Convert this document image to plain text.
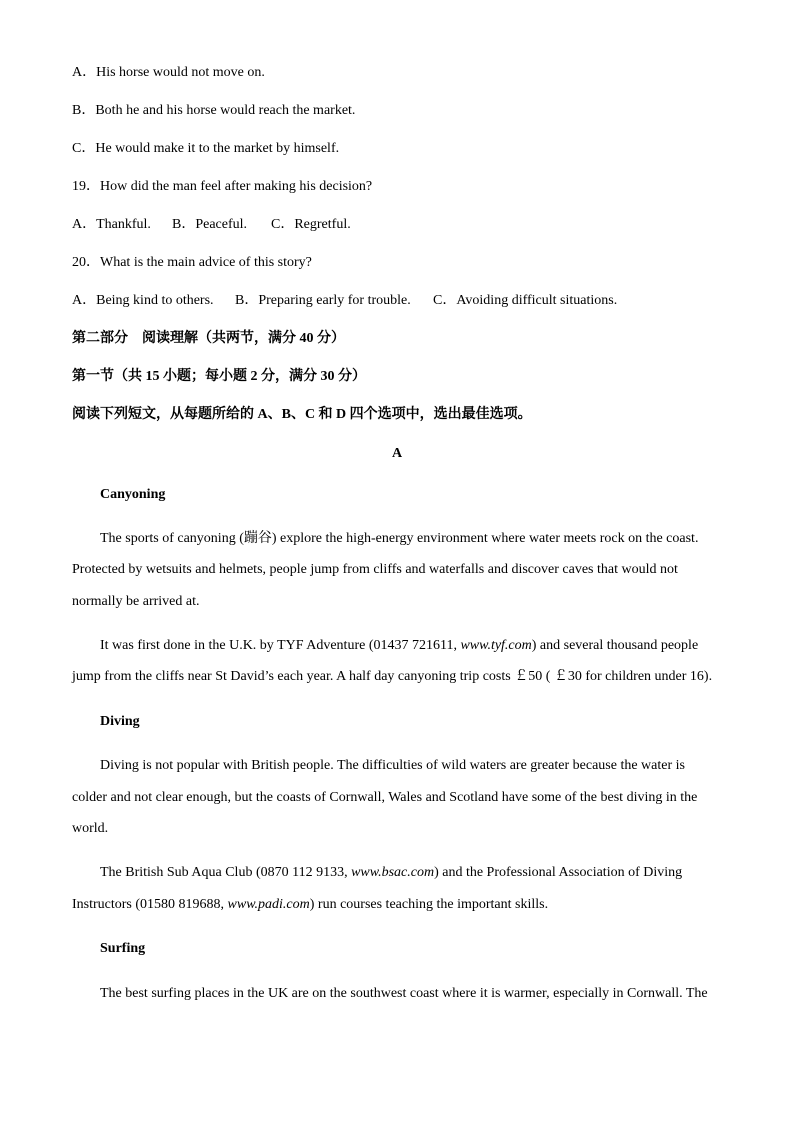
A．His horse would not move on.
B．Both he and his horse would reach the market.
C．He would make it to the market by himself.
19．How did the man feel after making his decision?
A．Thankful. B．Peaceful. C．Regretful.
20．What is the main advice of this story?
A．Being kind to others. B．Preparing early for trouble. C．Avoiding difficult situations.
第二部分　阅读理解（共两节，满分 40 分）
第一节（共 15 小题；每小题 2 分，满分 30 分）
阅读下列短文，从每题所给的 A、B、C 和 D 四个选项中，选出最佳选项。
A
Canyoning
The sports of canyoning (蹦谷) explore the high-energy environment where water meets rock on the coast.
Protected by wetsuits and helmets, people jump from cliffs and waterfalls and discover caves that would not
normally be arrived at.
It was first done in the U.K. by TYF Adventure (01437 721611, www.tyf.com) and several thousand people
jump from the cliffs near St David’s each year. A half day canyoning trip costs ￡50 ( ￡30 for children under 16).
Diving
Diving is not popular with British people. The difficulties of wild waters are greater because the water is
colder and not clear enough, but the coasts of Cornwall, Wales and Scotland have some of the best diving in the
world.
The British Sub Aqua Club (0870 112 9133, www.bsac.com) and the Professional Association of Diving
Instructors (01580 819688, www.padi.com) run courses teaching the important skills.
Surfing
The best surfing places in the UK are on the southwest coast where it is warmer, especially in Cornwall. The
